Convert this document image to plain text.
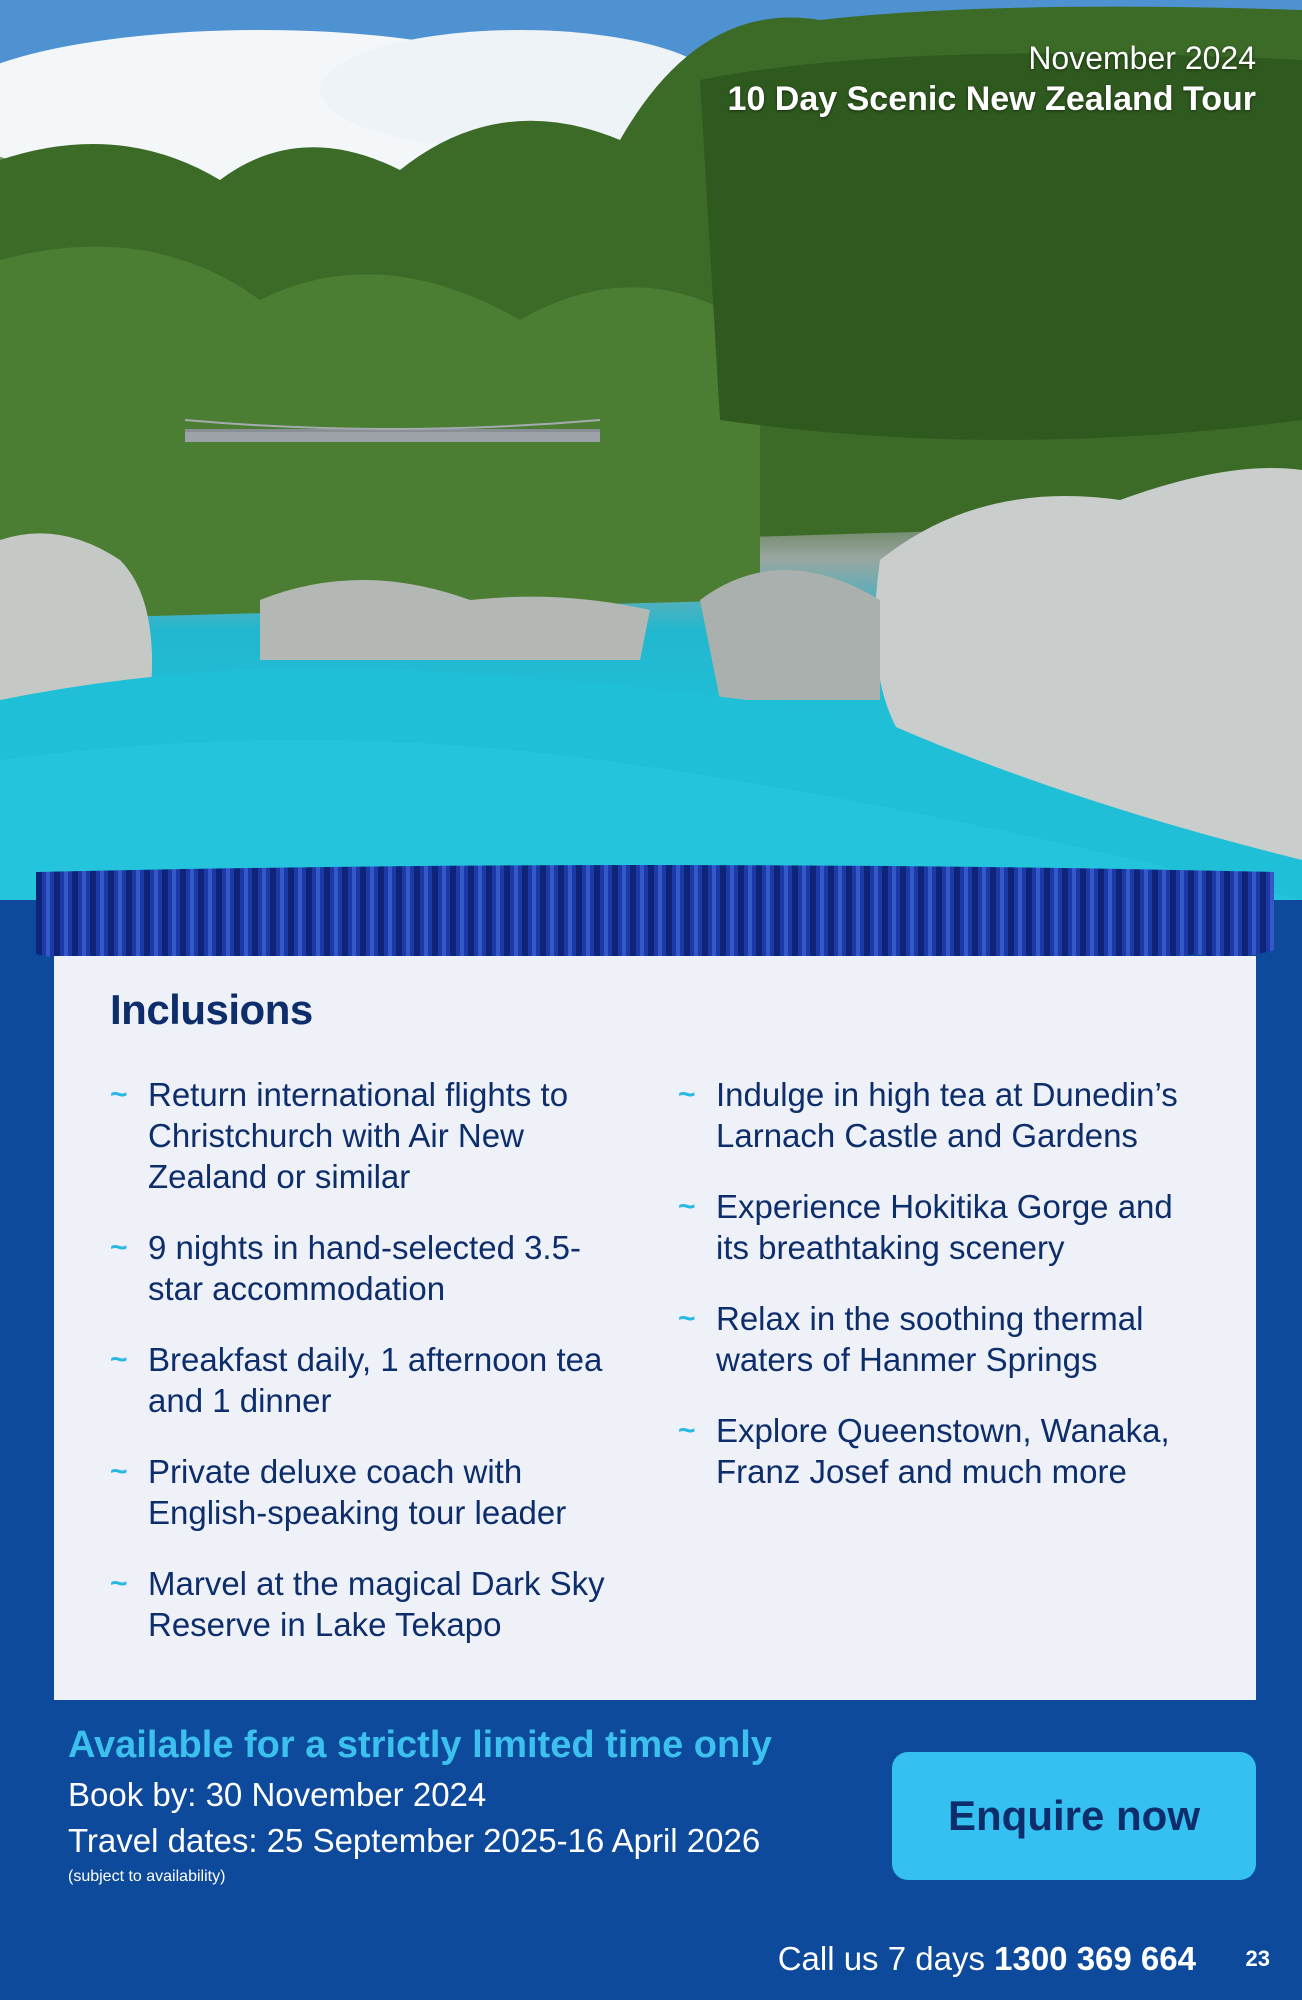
November 2024
10 Day Scenic New Zealand Tour
Inclusions
~ Return international flights to Christchurch with Air New Zealand or similar
~ 9 nights in hand-selected 3.5-star accommodation
~ Breakfast daily, 1 afternoon tea and 1 dinner
~ Private deluxe coach with English-speaking tour leader
~ Marvel at the magical Dark Sky Reserve in Lake Tekapo
~ Indulge in high tea at Dunedin’s Larnach Castle and Gardens
~ Experience Hokitika Gorge and its breathtaking scenery
~ Relax in the soothing thermal waters of Hanmer Springs
~ Explore Queenstown, Wanaka, Franz Josef and much more
Available for a strictly limited time only
Book by: 30 November 2024
Travel dates: 25 September 2025-16 April 2026
(subject to availability)
Enquire now
Call us 7 days 1300 369 664 23
